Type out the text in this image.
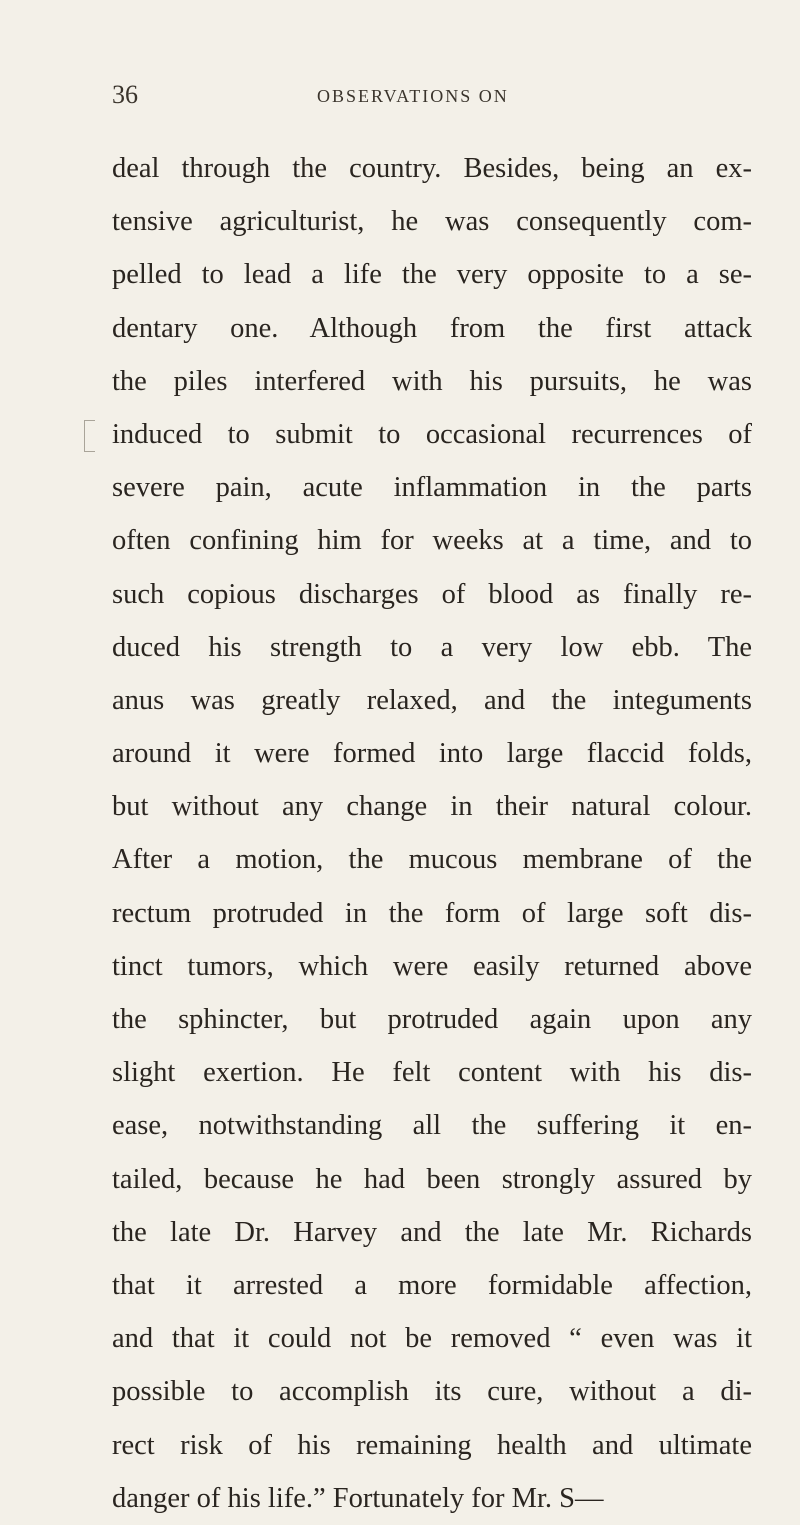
36	OBSERVATIONS ON
deal through the country. Besides, being an ex-
tensive agriculturist, he was consequently com-
pelled to lead a life the very opposite to a se-
dentary one. Although from the first attack
the piles interfered with his pursuits, he was
induced to submit to occasional recurrences of
severe pain, acute inflammation in the parts
often confining him for weeks at a time, and to
such copious discharges of blood as finally re-
duced his strength to a very low ebb. The
anus was greatly relaxed, and the integuments
around it were formed into large flaccid folds,
but without any change in their natural colour.
After a motion, the mucous membrane of the
rectum protruded in the form of large soft dis-
tinct tumors, which were easily returned above
the sphincter, but protruded again upon any
slight exertion. He felt content with his dis-
ease, notwithstanding all the suffering it en-
tailed, because he had been strongly assured by
the late Dr. Harvey and the late Mr. Richards
that it arrested a more formidable affection,
and that it could not be removed “ even was it
possible to accomplish its cure, without a di-
rect risk of his remaining health and ultimate
danger of his life.” Fortunately for Mr. S—
